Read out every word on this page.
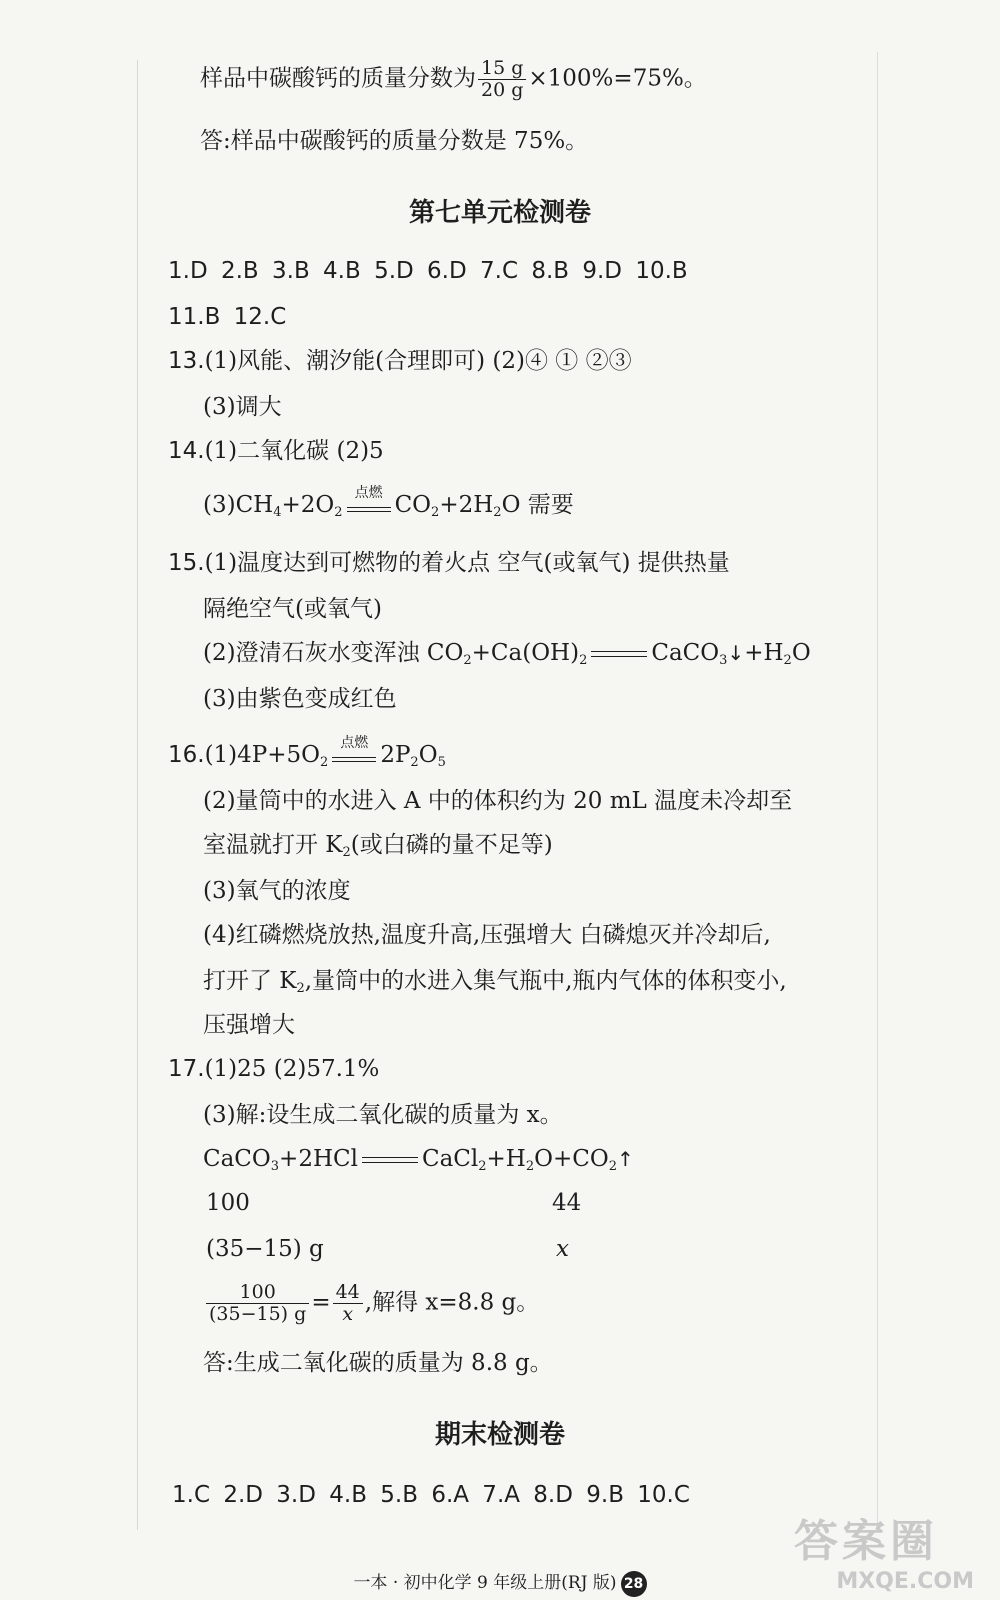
样品中碳酸钙的质量分数为 $\frac{15 g}{20 g} \times 100\%=75\%$。
答:样品中碳酸钙的质量分数是 75%。
第七单元检测卷
1.D 2.B 3.B 4.B 5.D 6.D 7.C 8.B 9.D 10.B
11.B 12.C
13.(1)风能、潮汐能(合理即可) (2)④ ① ②③
(3)调大
14.(1)二氧化碳 (2)5
$(3)CH_4+2O_2$
点燃 $CO_2+2H_2O$ 需要
15.(1)温度达到可燃物的着火点 空气(或氧气) 提供热量
隔绝空气(或氧气)
(2)澄清石灰水变浑浊 $CO_2+Ca(OH)_2$	$CaCO_3↓+H_2O$
(3)由紫色变成红色
$16.(1)4P+5O_2$
点燃 $2P_2O_5$
(2)量筒中的水进入 A 中的体积约为 20 mL 温度未冷却至
室温就打开 $K_2$(或白磷的量不足等)
(3)氧气的浓度
(4)红磷燃烧放热,温度升高,压强增大 白磷熄灭并冷却后,
打开了 $K_2$,量筒中的水进入集气瓶中,瓶内气体的体积变小,
压强增大
17.(1)25 (2)57.1%
(3)解:设生成二氧化碳的质量为 x。
CaCO$_3$+2HCl	$CaCl_2+H_2O+CO_2↑$
100	44
(35−15) g	x
$\frac{100}{(35-15) g} = \frac{44}{x}$ ,解得 x=8.8 g。
答:生成二氧化碳的质量为 8.8 g。
期末检测卷
1.C 2.D 3.D 4.B 5.B 6.A 7.A 8.D 9.B 10.C
一本 · 初中化学 9 年级上册(RJ 版) 28
答案圈
MXQE.COM
